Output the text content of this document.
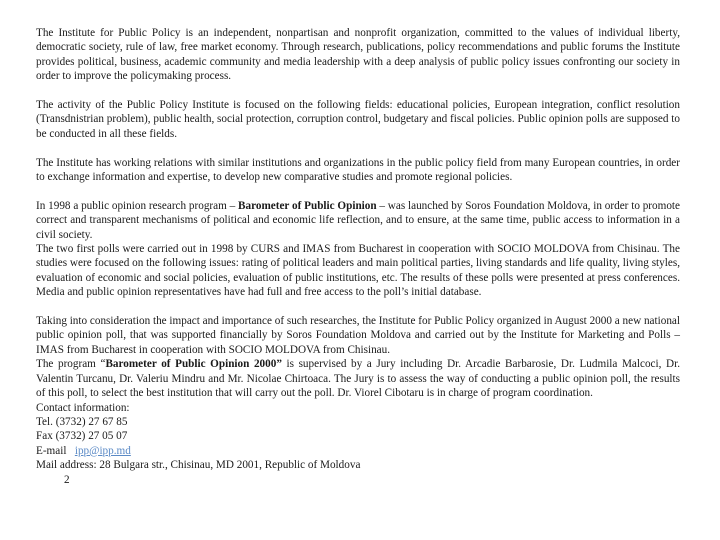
The Institute for Public Policy is an independent, nonpartisan and nonprofit organization, committed to the values of individual liberty, democratic society, rule of law, free market economy. Through research, publications, policy recommendations and public forums the Institute provides political, business, academic community and media leadership with a deep analysis of public policy issues confronting our society in order to improve the policymaking process.

The activity of the Public Policy Institute is focused on the following fields: educational policies, European integration, conflict resolution (Transdnistrian problem), public health, social protection, corruption control, budgetary and fiscal policies. Public opinion polls are supposed to be conducted in all these fields.

The Institute has working relations with similar institutions and organizations in the public policy field from many European countries, in order to exchange information and expertise, to develop new comparative studies and promote regional policies.

In 1998 a public opinion research program – Barometer of Public Opinion – was launched by Soros Foundation Moldova, in order to promote correct and transparent mechanisms of political and economic life reflection, and to ensure, at the same time, public access to information in a civil society.

The two first polls were carried out in 1998 by CURS and IMAS from Bucharest in cooperation with SOCIO MOLDOVA from Chisinau. The studies were focused on the following issues: rating of political leaders and main political parties, living standards and life quality, living styles, evaluation of economic and social policies, evaluation of public institutions, etc. The results of these polls were presented at press conferences. Media and public opinion representatives have had full and free access to the poll’s initial database.

Taking into consideration the impact and importance of such researches, the Institute for Public Policy organized in August 2000 a new national public opinion poll, that was supported financially by Soros Foundation Moldova and carried out by the Institute for Marketing and Polls – IMAS from Bucharest in cooperation with SOCIO MOLDOVA from Chisinau.

The program “Barometer of Public Opinion 2000” is supervised by a Jury including Dr. Arcadie Barbarosie, Dr. Ludmila Malcoci, Dr. Valentin Turcanu, Dr. Valeriu Mindru and Mr. Nicolae Chirtoaca. The Jury is to assess the way of conducting a public opinion poll, the results of this poll, to select the best institution that will carry out the poll. Dr. Viorel Cibotaru is in charge of program coordination.

Contact information:
Tel. (3732) 27 67 85
Fax (3732) 27 05 07
E-mail   ipp@ipp.md
Mail address: 28 Bulgara str., Chisinau, MD 2001, Republic of Moldova
2
